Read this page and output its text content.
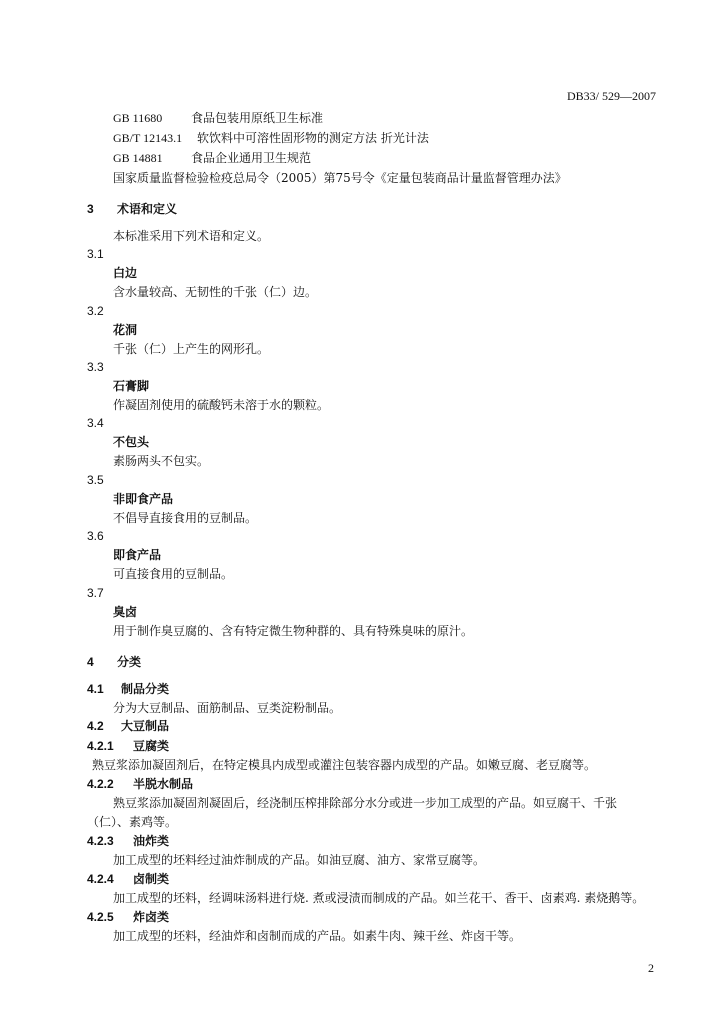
DB33/ 529—2007
GB 11680 食品包装用原纸卫生标准
GB/T 12143.1 软饮料中可溶性固形物的测定方法 折光计法
GB 14881 食品企业通用卫生规范
国家质量监督检验检疫总局令（2005）第75号令《定量包装商品计量监督管理办法》
3 术语和定义
本标准采用下列术语和定义。
3.1
白边
含水量较高、无韧性的千张（仁）边。
3.2
花洞
千张（仁）上产生的网形孔。
3.3
石膏脚
作凝固剂使用的硫酸钙未溶于水的颗粒。
3.4
不包头
素肠两头不包实。
3.5
非即食产品
不倡导直接食用的豆制品。
3.6
即食产品
可直接食用的豆制品。
3.7
臭卤
用于制作臭豆腐的、含有特定微生物种群的、具有特殊臭味的原汁。
4 分类
4.1 制品分类
分为大豆制品、面筋制品、豆类淀粉制品。
4.2 大豆制品
4.2.1 豆腐类
熟豆浆添加凝固剂后，在特定模具内成型或灌注包装容器内成型的产品。如嫩豆腐、老豆腐等。
4.2.2 半脱水制品
熟豆浆添加凝固剂凝固后，经浇制压榨排除部分水分或进一步加工成型的产品。如豆腐干、千张
（仁）、素鸡等。
4.2.3 油炸类
加工成型的坯料经过油炸制成的产品。如油豆腐、油方、家常豆腐等。
4.2.4 卤制类
加工成型的坯料，经调味汤料进行烧. 煮或浸渍而制成的产品。如兰花干、香干、卤素鸡. 素烧鹅等。
4.2.5 炸卤类
加工成型的坯料，经油炸和卤制而成的产品。如素牛肉、辣干丝、炸卤干等。
2
